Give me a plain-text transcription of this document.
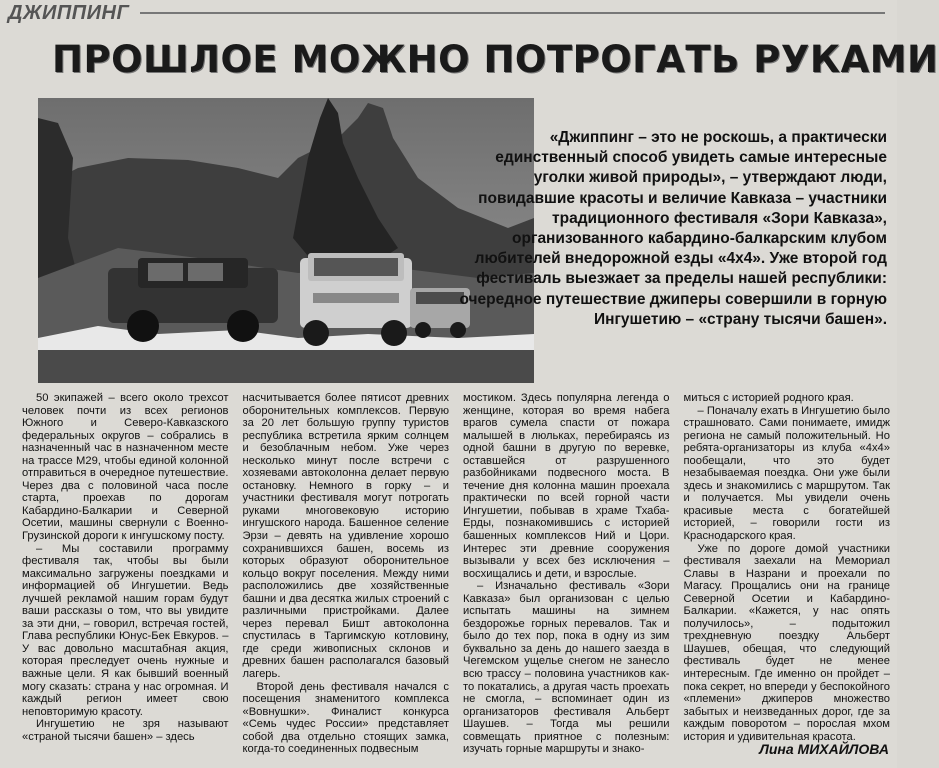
ДЖИППИНГ
ПРОШЛОЕ МОЖНО ПОТРОГАТЬ РУКАМИ

«Джиппинг – это не роскошь, а практически единственный способ увидеть самые интересные уголки живой природы», – утверждают люди, повидавшие красоты и величие Кавказа – участники традиционного фестиваля «Зори Кавказа», организованного кабардино-балкарским клубом любителей внедорожной езды «4х4». Уже второй год фестиваль выезжает за пределы нашей республики: очередное путешествие джиперы совершили в горную Ингушетию – «страну тысячи башен».

50 экипажей – всего около трехсот человек почти из всех регионов Южного и Северо-Кавказского федеральных округов – собрались в назначенный час в назначенном месте на трассе М29, чтобы единой колонной отправиться в очередное путешествие. Через два с половиной часа после старта, проехав по дорогам Кабардино-Балкарии и Северной Осетии, машины свернули с Военно-Грузинской дороги к ингушскому посту.

– Мы составили программу фестиваля так, чтобы вы были максимально загружены поездками и информацией об Ингушетии. Ведь лучшей рекламой нашим горам будут ваши рассказы о том, что вы увидите за эти дни, – говорил, встречая гостей, Глава республики Юнус-Бек Евкуров. – У вас довольно масштабная акция, которая преследует очень нужные и важные цели. Я как бывший военный могу сказать: страна у нас огромная. И каждый регион имеет свою неповторимую красоту.

Ингушетию не зря называют «страной тысячи башен» – здесь

насчитывается более пятисот древних оборонительных комплексов. Первую за 20 лет большую группу туристов республика встретила ярким солнцем и безоблачным небом. Уже через несколько минут после встречи с хозяевами автоколонна делает первую остановку. Немного в горку – и участники фестиваля могут потрогать руками многовековую историю ингушского народа. Башенное селение Эрзи – девять на удивление хорошо сохранившихся башен, восемь из которых образуют оборонительное кольцо вокруг поселения. Между ними расположились две хозяйственные башни и два десятка жилых строений с различными пристройками. Далее через перевал Бишт автоколонна спустилась в Таргимскую котловину, где среди живописных склонов и древних башен располагался базовый лагерь.

Второй день фестиваля начался с посещения знаменитого комплекса «Вовнушки». Финалист конкурса «Семь чудес России» представляет собой два отдельно стоящих замка, когда-то соединенных подвесным

мостиком. Здесь популярна легенда о женщине, которая во время набега врагов сумела спасти от пожара малышей в люльках, перебираясь из одной башни в другую по веревке, оставшейся от разрушенного разбойниками подвесного моста. В течение дня колонна машин проехала практически по всей горной части Ингушетии, побывав в храме Тхаба-Ерды, познакомившись с историей башенных комплексов Ний и Цори. Интерес эти древние сооружения вызывали у всех без исключения – восхищались и дети, и взрослые.

– Изначально фестиваль «Зори Кавказа» был организован с целью испытать машины на зимнем бездорожье горных перевалов. Так и было до тех пор, пока в одну из зим буквально за день до нашего заезда в Чегемском ущелье снегом не занесло всю трассу – половина участников как-то покатались, а другая часть проехать не смогла, – вспоминает один из организаторов фестиваля Альберт Шаушев. – Тогда мы решили совмещать приятное с полезным: изучать горные маршруты и знако-

миться с историей родного края.

– Поначалу ехать в Ингушетию было страшновато. Сами понимаете, имидж региона не самый положительный. Но ребята-организаторы из клуба «4х4» пообещали, что это будет незабываемая поездка. Они уже были здесь и знакомились с маршрутом. Так и получается. Мы увидели очень красивые места с богатейшей историей, – говорили гости из Краснодарского края.

Уже по дороге домой участники фестиваля заехали на Мемориал Славы в Назрани и проехали по Магасу. Прощались они на границе Северной Осетии и Кабардино-Балкарии. «Кажется, у нас опять получилось», – подытожил трехдневную поездку Альберт Шаушев, обещая, что следующий фестиваль будет не менее интересным. Где именно он пройдет – пока секрет, но впереди у беспокойного «племени» джиперов множество забытых и неизведанных дорог, где за каждым поворотом – порослая мхом история и удивительная красота.

Лина МИХАЙЛОВА
